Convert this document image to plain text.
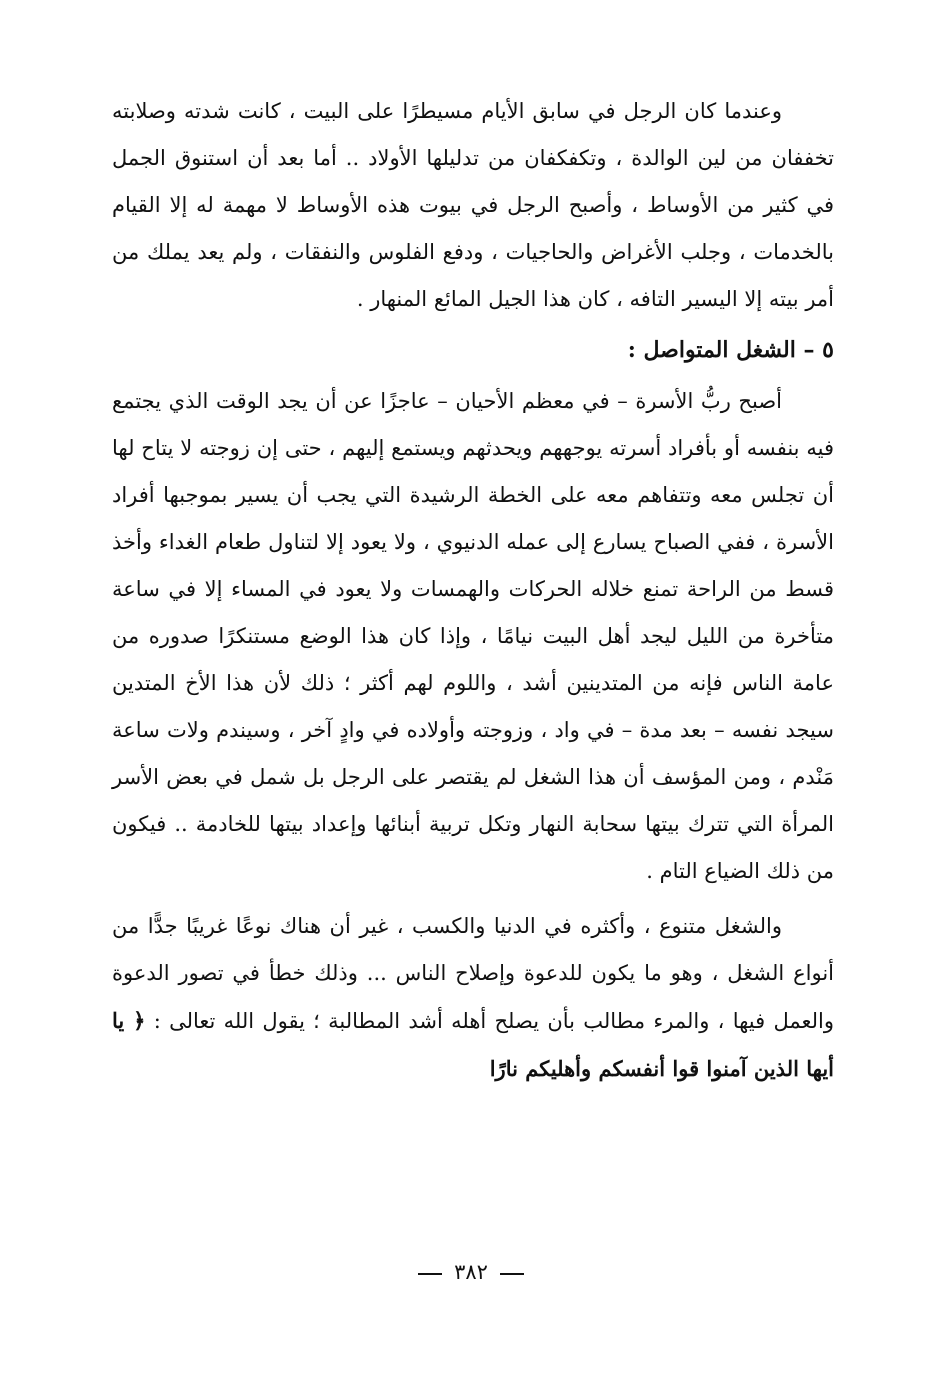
وعندما كان الرجل في سابق الأيام مسيطرًا على البيت ، كانت شدته وصلابته تخففان من لين الوالدة ، وتكفكفان من تدليلها الأولاد .. أما بعد أن استنوق الجمل في كثير من الأوساط ، وأصبح الرجل في بيوت هذه الأوساط لا مهمة له إلا القيام بالخدمات ، وجلب الأغراض والحاجيات ، ودفع الفلوس والنفقات ، ولم يعد يملك من أمر بيته إلا اليسير التافه ، كان هذا الجيل المائع المنهار .

٥ – الشغل المتواصل :

أصبح ربُّ الأسرة – في معظم الأحيان – عاجزًا عن أن يجد الوقت الذي يجتمع فيه بنفسه أو بأفراد أسرته يوجههم ويحدثهم ويستمع إليهم ، حتى إن زوجته لا يتاح لها أن تجلس معه وتتفاهم معه على الخطة الرشيدة التي يجب أن يسير بموجبها أفراد الأسرة ، ففي الصباح يسارع إلى عمله الدنيوي ، ولا يعود إلا لتناول طعام الغداء وأخذ قسط من الراحة تمنع خلاله الحركات والهمسات ولا يعود في المساء إلا في ساعة متأخرة من الليل ليجد أهل البيت نيامًا ، وإذا كان هذا الوضع مستنكرًا صدوره من عامة الناس فإنه من المتدينين أشد ، واللوم لهم أكثر ؛ ذلك لأن هذا الأخ المتدين سيجد نفسه – بعد مدة – في واد ، وزوجته وأولاده في وادٍ آخر ، وسيندم ولات ساعة مَنْدم ، ومن المؤسف أن هذا الشغل لم يقتصر على الرجل بل شمل في بعض الأسر المرأة التي تترك بيتها سحابة النهار وتكل تربية أبنائها وإعداد بيتها للخادمة .. فيكون من ذلك الضياع التام .

والشغل متنوع ، وأكثره في الدنيا والكسب ، غير أن هناك نوعًا غريبًا جدًّا من أنواع الشغل ، وهو ما يكون للدعوة وإصلاح الناس ... وذلك خطأ في تصور الدعوة والعمل فيها ، والمرء مطالب بأن يصلح أهله أشد المطالبة ؛ يقول الله تعالى : ﴿ يا أيها الذين آمنوا قوا أنفسكم وأهليكم نارًا

٣٨٢
